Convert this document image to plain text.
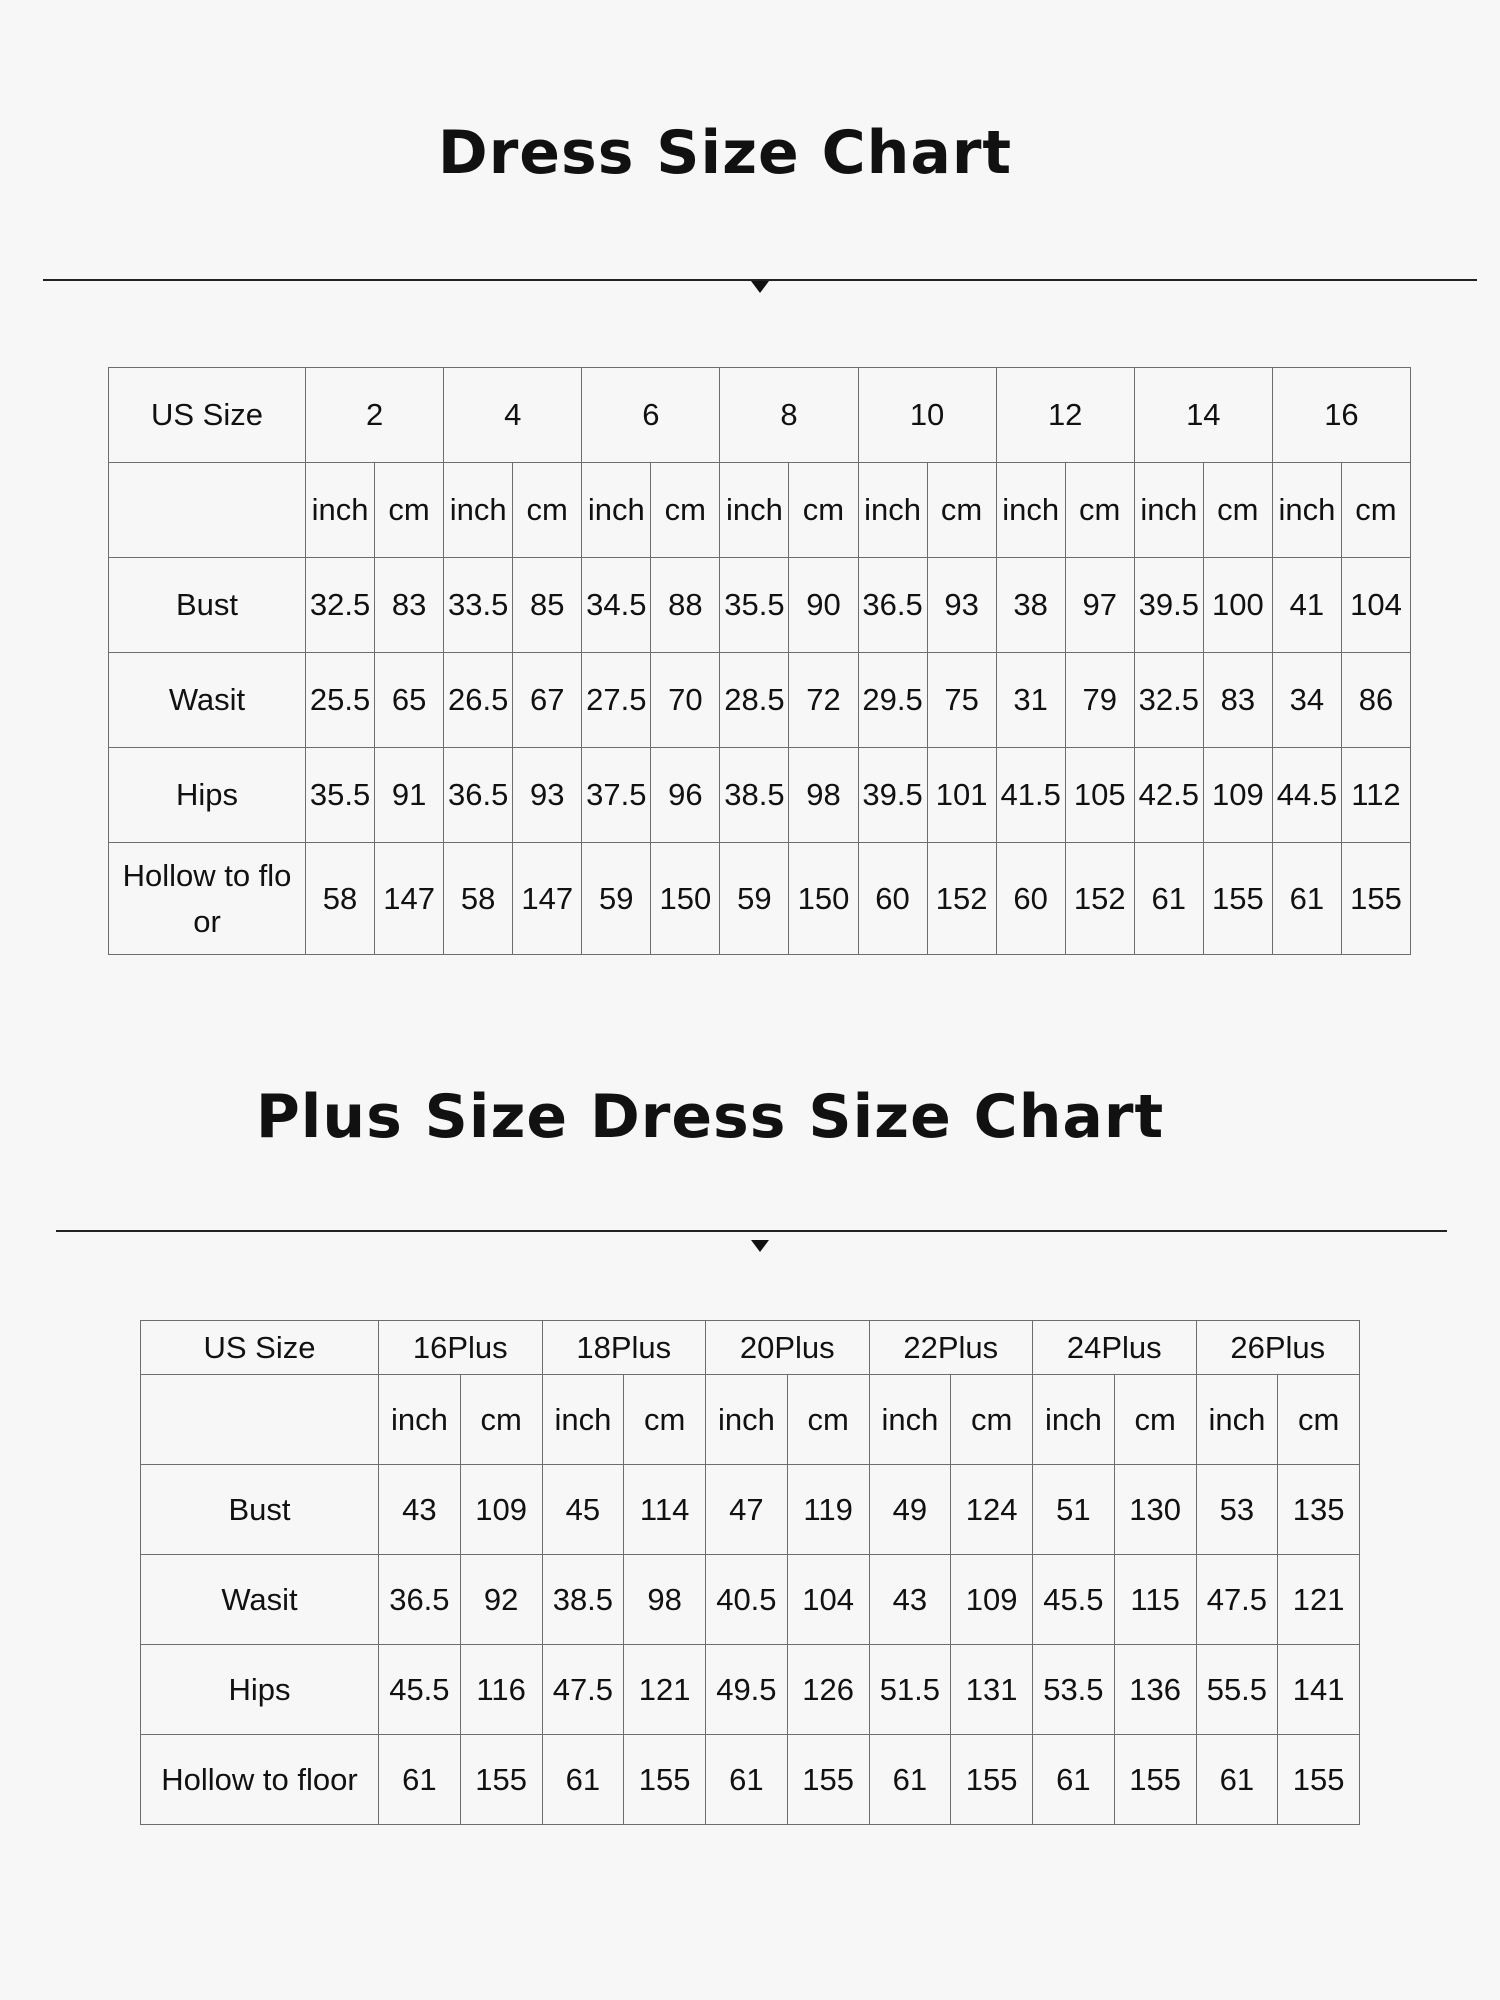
Dress Size Chart
US Size	2		4		6		8		10		12		14		16	
	inch	cm	inch	cm	inch	cm	inch	cm	inch	cm	inch	cm	inch	cm	inch	cm
Bust	32.5	83	33.5	85	34.5	88	35.5	90	36.5	93	38	97	39.5	100	41	104
Wasit	25.5	65	26.5	67	27.5	70	28.5	72	29.5	75	31	79	32.5	83	34	86
Hips	35.5	91	36.5	93	37.5	96	38.5	98	39.5	101	41.5	105	42.5	109	44.5	112
Hollow to floor	58	147	58	147	59	150	59	150	60	152	60	152	61	155	61	155
Plus Size Dress Size Chart
US Size	16Plus		18Plus		20Plus		22Plus		24Plus		26Plus	
	inch	cm	inch	cm	inch	cm	inch	cm	inch	cm	inch	cm
Bust	43	109	45	114	47	119	49	124	51	130	53	135
Wasit	36.5	92	38.5	98	40.5	104	43	109	45.5	115	47.5	121
Hips	45.5	116	47.5	121	49.5	126	51.5	131	53.5	136	55.5	141
Hollow to floor	61	155	61	155	61	155	61	155	61	155	61	155
